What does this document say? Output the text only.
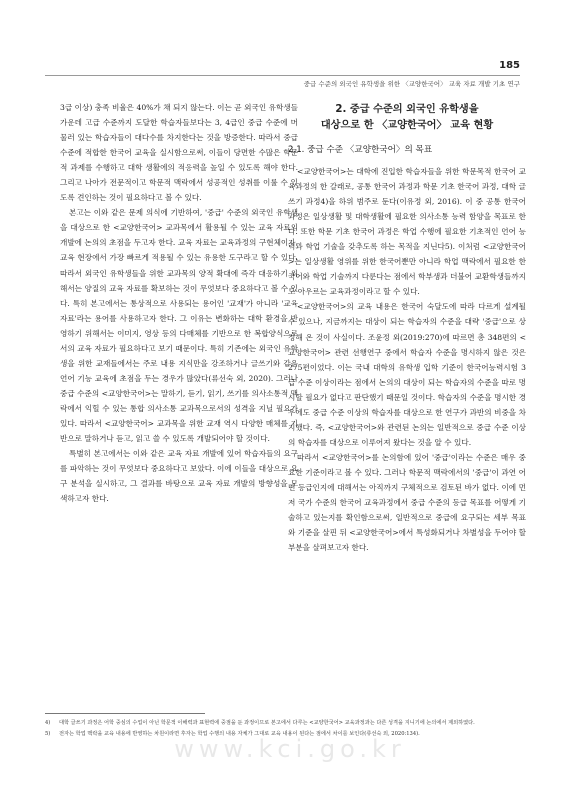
185
중급 수준의 외국인 유학생을 위한 〈교양한국어〉 교육 자료 개발 기초 연구

3급 이상) 충족 비율은 40%가 채 되지 않는다. 이는 곧 외국인 유학생들 가운데 고급 수준까지 도달한 학습자들보다는 3, 4급인 중급 수준에 머물러 있는 학습자들이 대다수를 차지한다는 것을 방증한다. 따라서 중급 수준에 적합한 한국어 교육을 실시함으로써, 이들이 당면한 수많은 학문적 과제를 수행하고 대학 생활에의 적응력을 높일 수 있도록 해야 한다. 그리고 나아가 전문적이고 학문적 맥락에서 성공적인 성취를 이룰 수 있도록 견인하는 것이 필요하다고 볼 수 있다.

본고는 이와 같은 문제 의식에 기반하여, '중급' 수준의 외국인 유학생을 대상으로 한 <교양한국어> 교과목에서 활용될 수 있는 교육 자료의 개발에 논의의 초점을 두고자 한다. 교육 자료는 교육과정의 구현체이자, 교육 현장에서 가장 빠르게 적용될 수 있는 유용한 도구라고 할 수 있다. 따라서 외국인 유학생들을 위한 교과목의 양적 확대에 즉각 대응하기 위해서는 양질의 교육 자료를 확보하는 것이 무엇보다 중요하다고 볼 수 있다. 특히 본고에서는 통상적으로 사용되는 용어인 '교재'가 아니라 '교육 자료'라는 용어를 사용하고자 한다. 그 이유는 변화하는 대학 환경을 반영하기 위해서는 이미지, 영상 등의 다매체를 기반으로 한 복합양식으로서의 교육 자료가 필요하다고 보기 때문이다. 특히 기존에는 외국인 유학생을 위한 교재들에서는 주로 내용 지식만을 강조하거나 글쓰기와 같은 언어 기능 교육에 초점을 두는 경우가 많았다(류선숙 외, 2020). 그러나 중급 수준의 <교양한국어>는 말하기, 듣기, 읽기, 쓰기를 의사소통적 맥락에서 익힐 수 있는 통합 의사소통 교과목으로서의 성격을 지닐 필요가 있다. 따라서 <교양한국어> 교과목을 위한 교재 역시 다양한 매체를 기반으로 말하거나 듣고, 읽고 쓸 수 있도록 개발되어야 할 것이다.

특별히 본고에서는 이와 같은 교육 자료 개발에 있어 학습자들의 요구를 파악하는 것이 무엇보다 중요하다고 보았다. 이에 이들을 대상으로 요구 분석을 실시하고, 그 결과를 바탕으로 교육 자료 개발의 방향성을 모색하고자 한다.

2. 중급 수준의 외국인 유학생을
대상으로 한 〈교양한국어〉 교육 현황
2.1. 중급 수준 〈교양한국어〉의 목표

<교양한국어>는 대학에 진입한 학습자들을 위한 학문목적 한국어 교육과정의 한 갈래로, 공통 한국어 과정과 학문 기초 한국어 과정, 대학 글쓰기 과정4)을 하위 범주로 둔다(이유정 외, 2016). 이 중 공통 한국어 과정은 일상생활 및 대학생활에 필요한 의사소통 능력 함양을 목표로 한다. 또한 학문 기초 한국어 과정은 학업 수행에 필요한 기초적인 언어 능력과 학업 기술을 갖추도록 하는 목적을 지닌다5). 이처럼 <교양한국어>는 일상생활 영위를 위한 한국어뿐만 아니라 학업 맥락에서 필요한 한국어와 학업 기술까지 다룬다는 점에서 학부생과 더불어 교환학생들까지도 아우르는 교육과정이라고 할 수 있다.

<교양한국어>의 교육 내용은 한국어 숙달도에 따라 다르게 설계될 수 있으나, 지금까지는 대상이 되는 학습자의 수준을 대략 '중급'으로 상정해 온 것이 사실이다. 조윤정 외(2019:270)에 따르면 총 348편의 <교양한국어> 관련 선행연구 중에서 학습자 수준을 명시하지 않은 것은 275편이었다. 이는 국내 대학의 유학생 입학 기준이 한국어능력시험 3급 수준 이상이라는 점에서 논의의 대상이 되는 학습자의 수준을 따로 명시할 필요가 없다고 판단했기 때문일 것이다. 학습자의 수준을 명시한 경우에도 중급 수준 이상의 학습자를 대상으로 한 연구가 과반의 비중을 차지했다. 즉, <교양한국어>와 관련된 논의는 일반적으로 중급 수준 이상의 학습자를 대상으로 이루어져 왔다는 것을 알 수 있다.

따라서 <교양한국어>를 논의함에 있어 '중급'이라는 수준은 매우 중요한 기준이라고 볼 수 있다. 그러나 학문적 맥락에서의 '중급'이 과연 어떤 등급인지에 대해서는 아직까지 구체적으로 검토된 바가 없다. 이에 먼저 국가 수준의 한국어 교육과정에서 중급 수준의 등급 목표를 어떻게 기술하고 있는지를 확인함으로써, 일반적으로 중급에 요구되는 세부 목표와 기준을 살핀 뒤 <교양한국어>에서 특성화되거나 차별성을 두어야 할 부분을 살펴보고자 한다.

4)	대학 글쓰기 과정은 어학 중심의 수업이 아닌 학문적 이해력과 표현력에 중점을 둔 과정이므로 본고에서 다루는 <교양한국어> 교육과정과는 다른 성격을 지니기에 논의에서 제외하였다.
5)	전자는 학업 맥락을 교육 내용에 반영하는 차원이라면 후자는 학업 수행의 내용 자체가 그대로 교육 내용이 된다는 점에서 차이를 보인다(류선숙 외, 2020:134).
www.kci.go.kr
